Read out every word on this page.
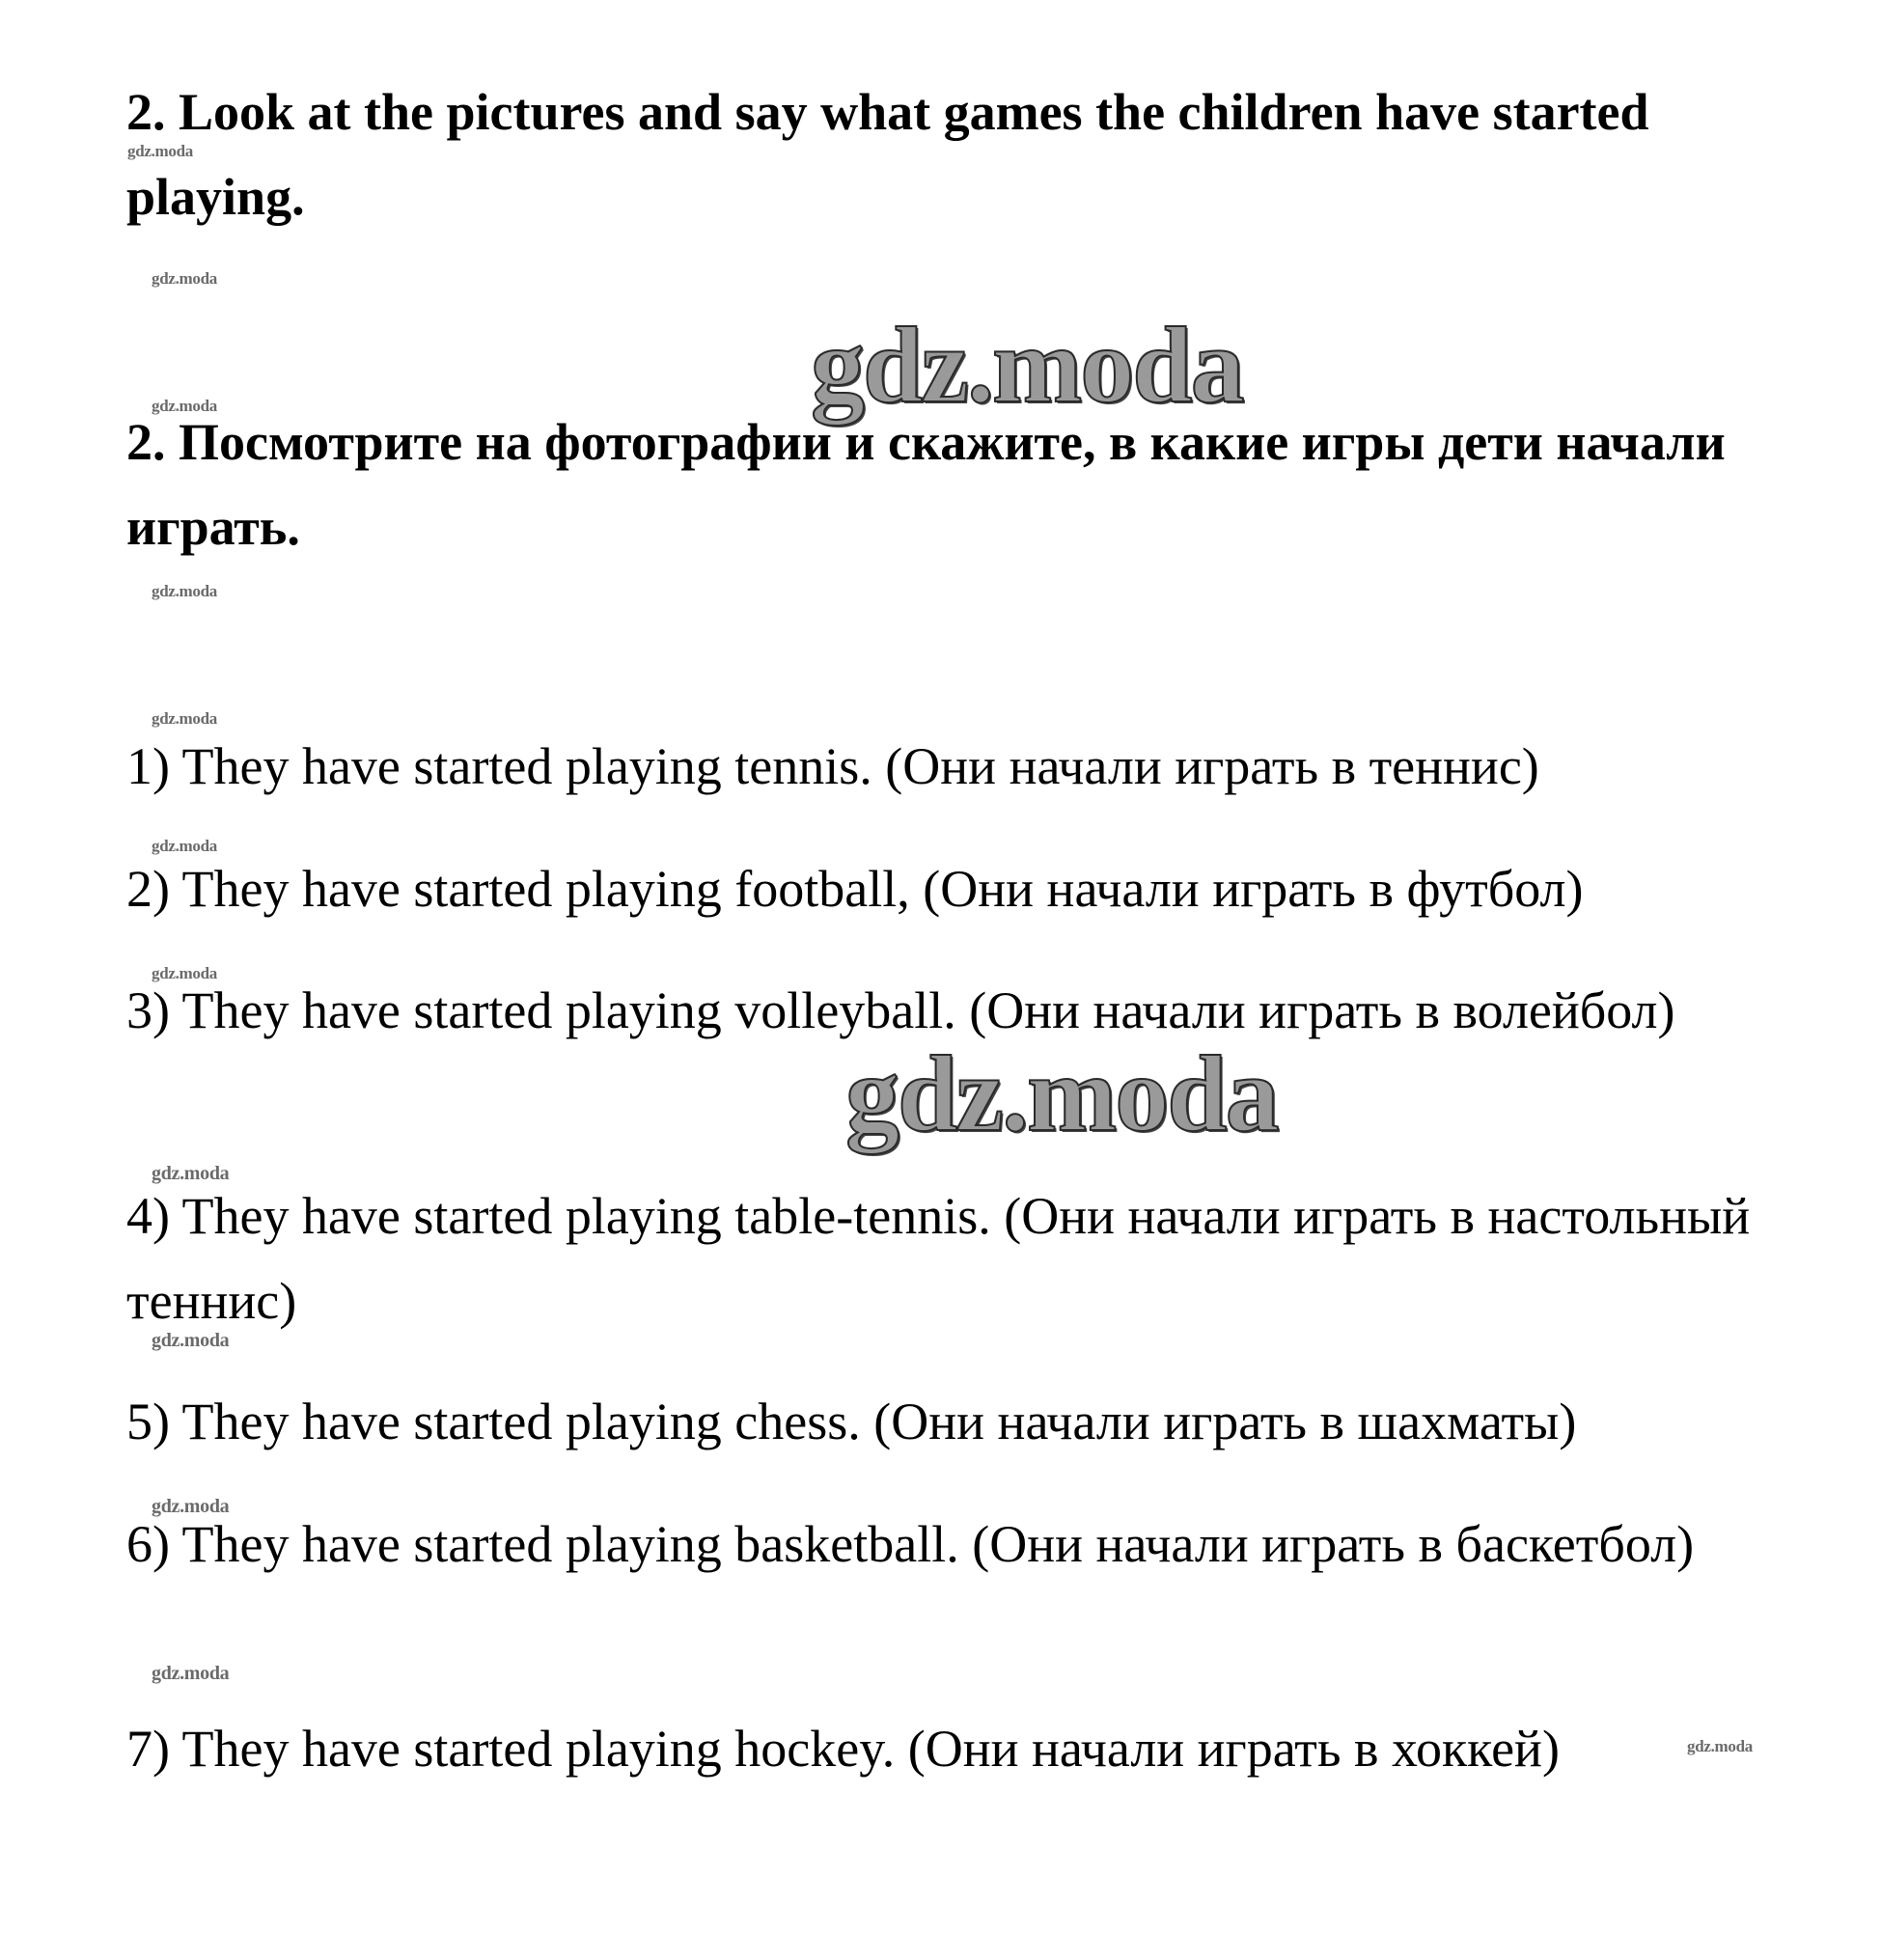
2. Look at the pictures and say what games the children have started playing.

2. Посмотрите на фотографии и скажите, в какие игры дети начали играть.

1) They have started playing tennis. (Они начали играть в теннис)

2) They have started playing football, (Они начали играть в футбол)

3) They have started playing volleyball. (Они начали играть в волейбол)

4) They have started playing table-tennis. (Они начали играть в настольный теннис)

5) They have started playing chess. (Они начали играть в шахматы)

6) They have started playing basketball. (Они начали играть в баскетбол)

7) They have started playing hockey. (Они начали играть в хоккей)

gdz.moda
gdz.moda
gdz.moda
gdz.moda
gdz.moda
gdz.moda
gdz.moda
gdz.moda
gdz.moda
gdz.moda
gdz.moda
gdz.moda
gdz.moda
gdz.moda
